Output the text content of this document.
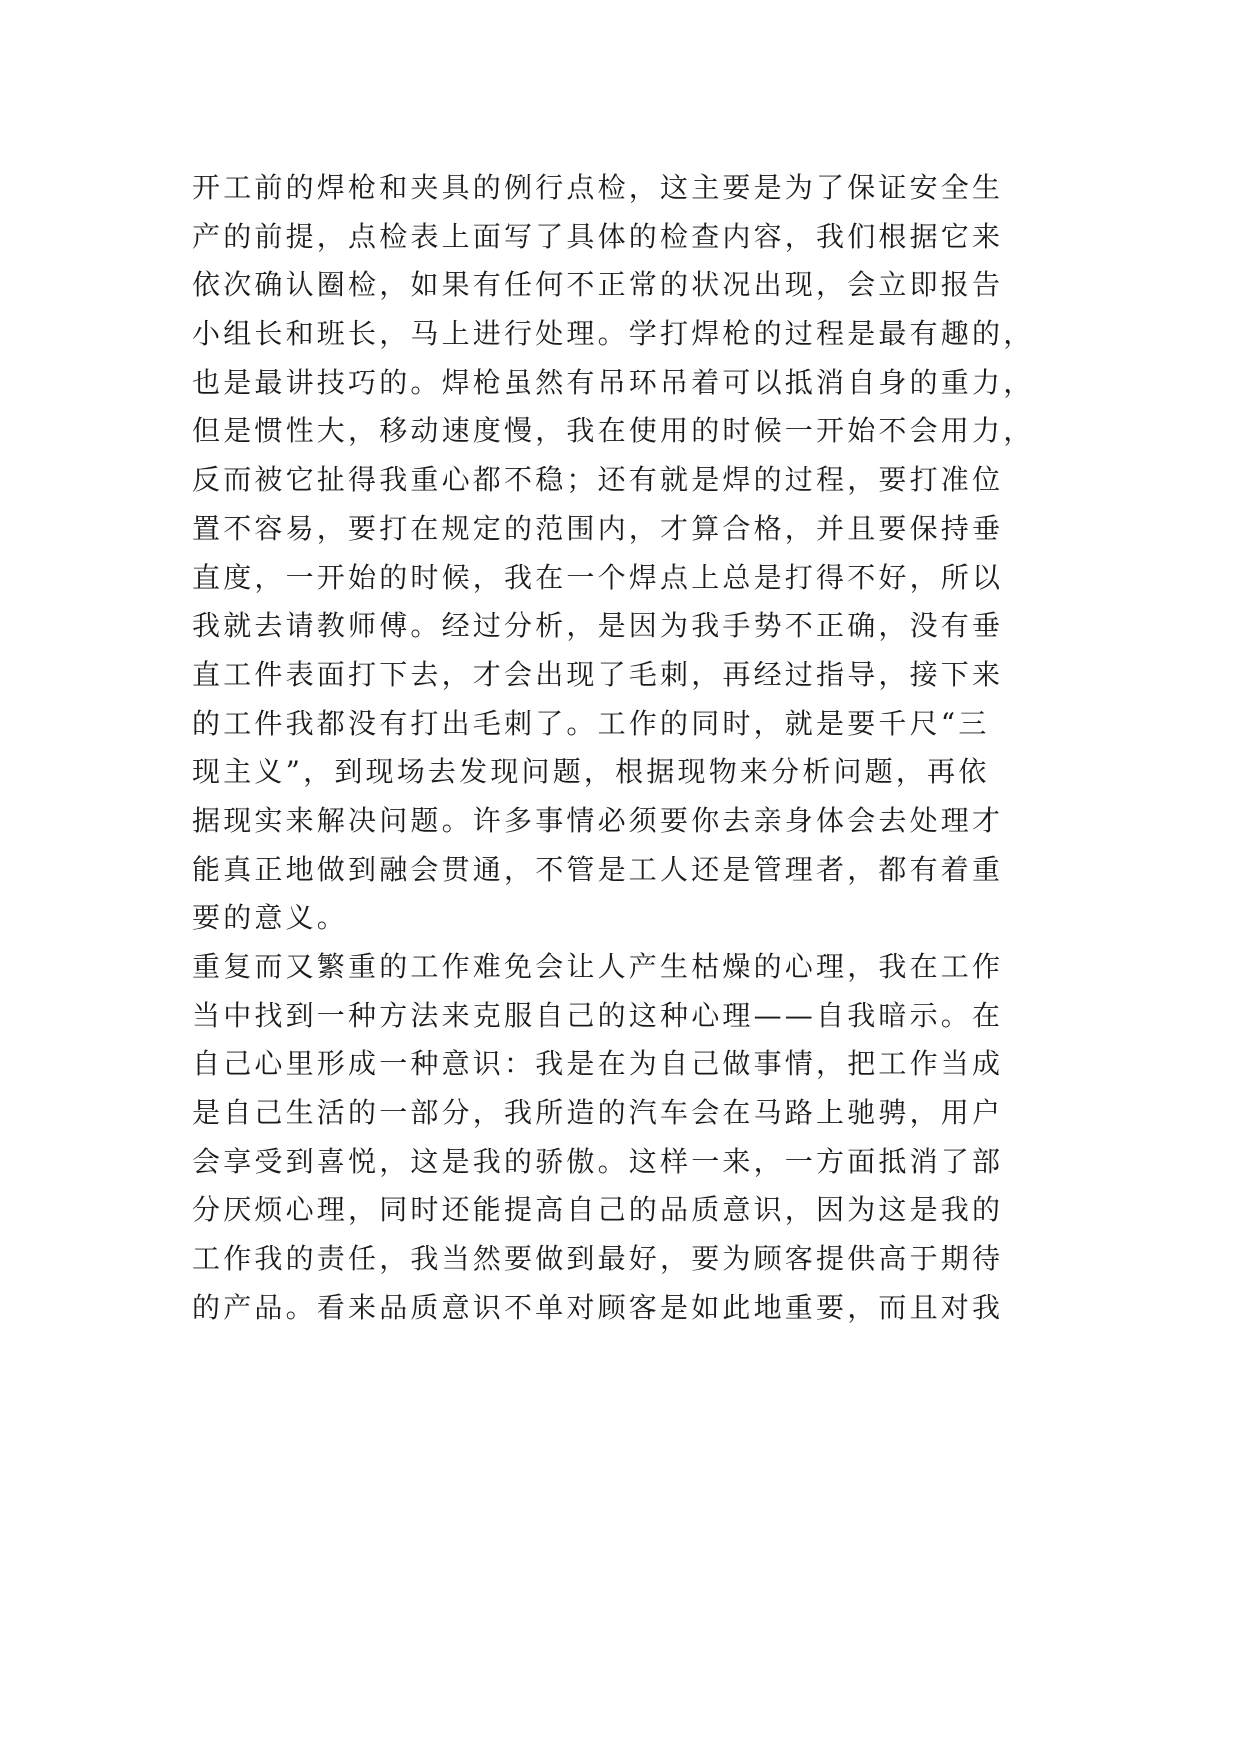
开工前的焊枪和夹具的例行点检，这主要是为了保证安全生
产的前提，点检表上面写了具体的检查内容，我们根据它来
依次确认圈检，如果有任何不正常的状况出现，会立即报告
小组长和班长，马上进行处理。学打焊枪的过程是最有趣的，
也是最讲技巧的。焊枪虽然有吊环吊着可以抵消自身的重力，
但是惯性大，移动速度慢，我在使用的时候一开始不会用力，
反而被它扯得我重心都不稳；还有就是焊的过程，要打准位
置不容易，要打在规定的范围内，才算合格，并且要保持垂
直度，一开始的时候，我在一个焊点上总是打得不好，所以
我就去请教师傅。经过分析，是因为我手势不正确，没有垂
直工件表面打下去，才会出现了毛刺，再经过指导，接下来
的工件我都没有打出毛刺了。工作的同时，就是要千尺“三
现主义”，到现场去发现问题，根据现物来分析问题，再依
据现实来解决问题。许多事情必须要你去亲身体会去处理才
能真正地做到融会贯通，不管是工人还是管理者，都有着重
要的意义。
重复而又繁重的工作难免会让人产生枯燥的心理，我在工作
当中找到一种方法来克服自己的这种心理——自我暗示。在
自己心里形成一种意识：我是在为自己做事情，把工作当成
是自己生活的一部分，我所造的汽车会在马路上驰骋，用户
会享受到喜悦，这是我的骄傲。这样一来，一方面抵消了部
分厌烦心理，同时还能提高自己的品质意识，因为这是我的
工作我的责任，我当然要做到最好，要为顾客提供高于期待
的产品。看来品质意识不单对顾客是如此地重要，而且对我
